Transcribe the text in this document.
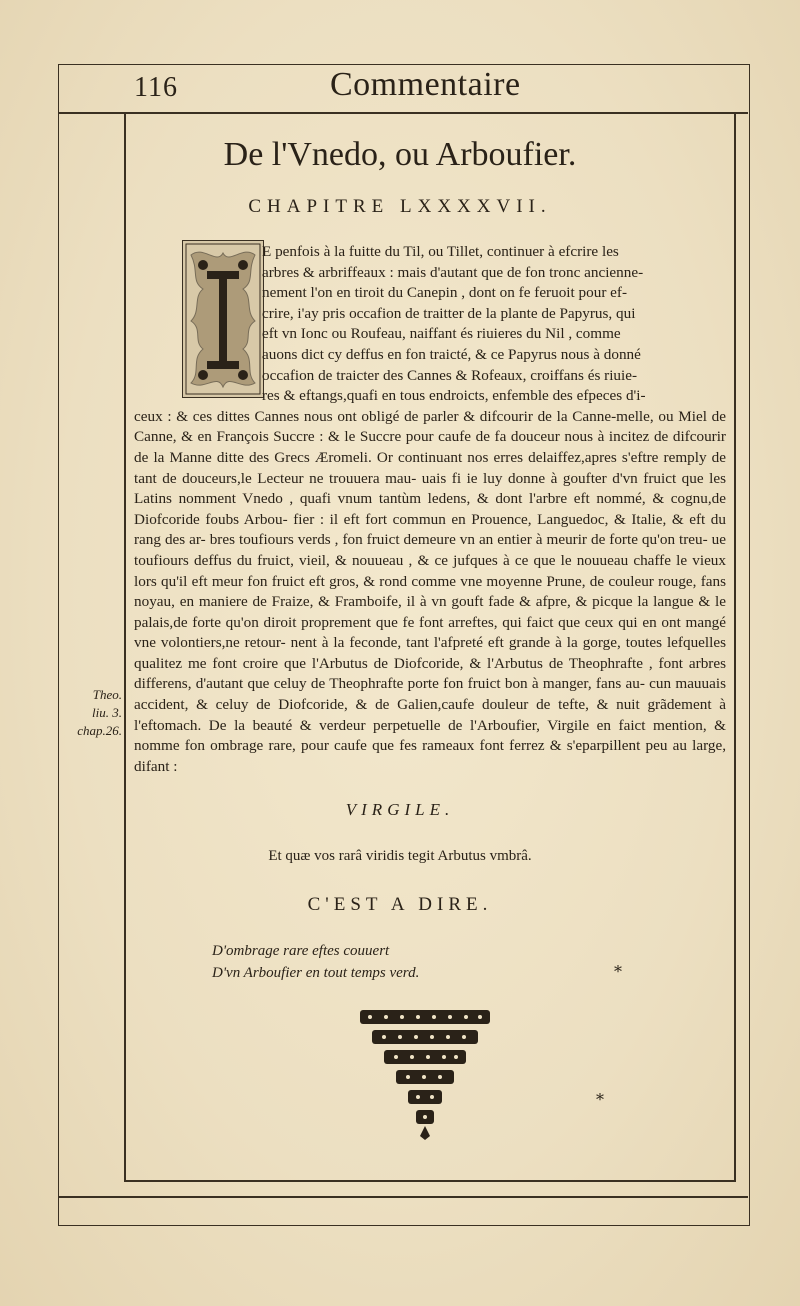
116	Commentaire
De l'Vnedo, ou Arboufier.
CHAPITRE LXXXXVII.
E penfois à la fuitte du Til, ou Tillet, continuer à efcrire les
arbres & arbriffeaux : mais d'autant que de fon tronc ancienne-
nement l'on en tiroit du Canepin , dont on fe feruoit pour ef-
crire, i'ay pris occafion de traitter de la plante de Papyrus, qui
eft vn Ionc ou Roufeau, naiffant és riuieres du Nil , comme
auons dict cy deffus en fon traicté, & ce Papyrus nous à donné
occafion de traicter des Cannes & Rofeaux, croiffans és riuie-
res & eftangs,quafi en tous endroicts, enfemble des efpeces d'i-

ceux : & ces dittes Cannes nous ont obligé de parler & difcourir de la Canne-melle, ou Miel de Canne, & en François Succre : & le Succre pour caufe de fa douceur nous à incitez de difcourir de la Manne ditte des Grecs Æromeli. Or continuant nos erres delaiffez,apres s'eftre remply de tant de douceurs,le Lecteur ne trouuera mau- uais fi ie luy donne à goufter d'vn fruict que les Latins nomment Vnedo , quafi vnum tantùm ledens, & dont l'arbre eft nommé, & cognu,de Diofcoride foubs Arbou- fier : il eft fort commun en Prouence, Languedoc, & Italie, & eft du rang des ar- bres toufiours verds , fon fruict demeure vn an entier à meurir de forte qu'on treu- ue toufiours deffus du fruict, vieil, & nouueau , & ce jufques à ce que le nouueau chaffe le vieux lors qu'il eft meur fon fruict eft gros, & rond comme vne moyenne Prune, de couleur rouge, fans noyau, en maniere de Fraize, & Framboife, il à vn gouft fade & afpre, & picque la langue & le palais,de forte qu'on diroit proprement que fe font arreftes, qui faict que ceux qui en ont mangé vne volontiers,ne retour- nent à la feconde, tant l'afpreté eft grande à la gorge, toutes lefquelles qualitez me font croire que l'Arbutus de Diofcoride, & l'Arbutus de Theophrafte , font arbres differens, d'autant que celuy de Theophrafte porte fon fruict bon à manger, fans au- cun mauuais accident, & celuy de Diofcoride, & de Galien,caufe douleur de tefte, & nuit grãdement à l'eftomach. De la beauté & verdeur perpetuelle de l'Arboufier, Virgile en faict mention, & nomme fon ombrage rare, pour caufe que fes rameaux font ferrez & s'eparpillent peu au large, difant :

Theo.
liu. 3.
chap.26.
VIRGILE.
Et quæ vos rarâ viridis tegit Arbutus vmbrâ.
C'EST A DIRE.
D'ombrage rare eftes couuert
D'vn Arboufier en tout temps verd.	*
*
